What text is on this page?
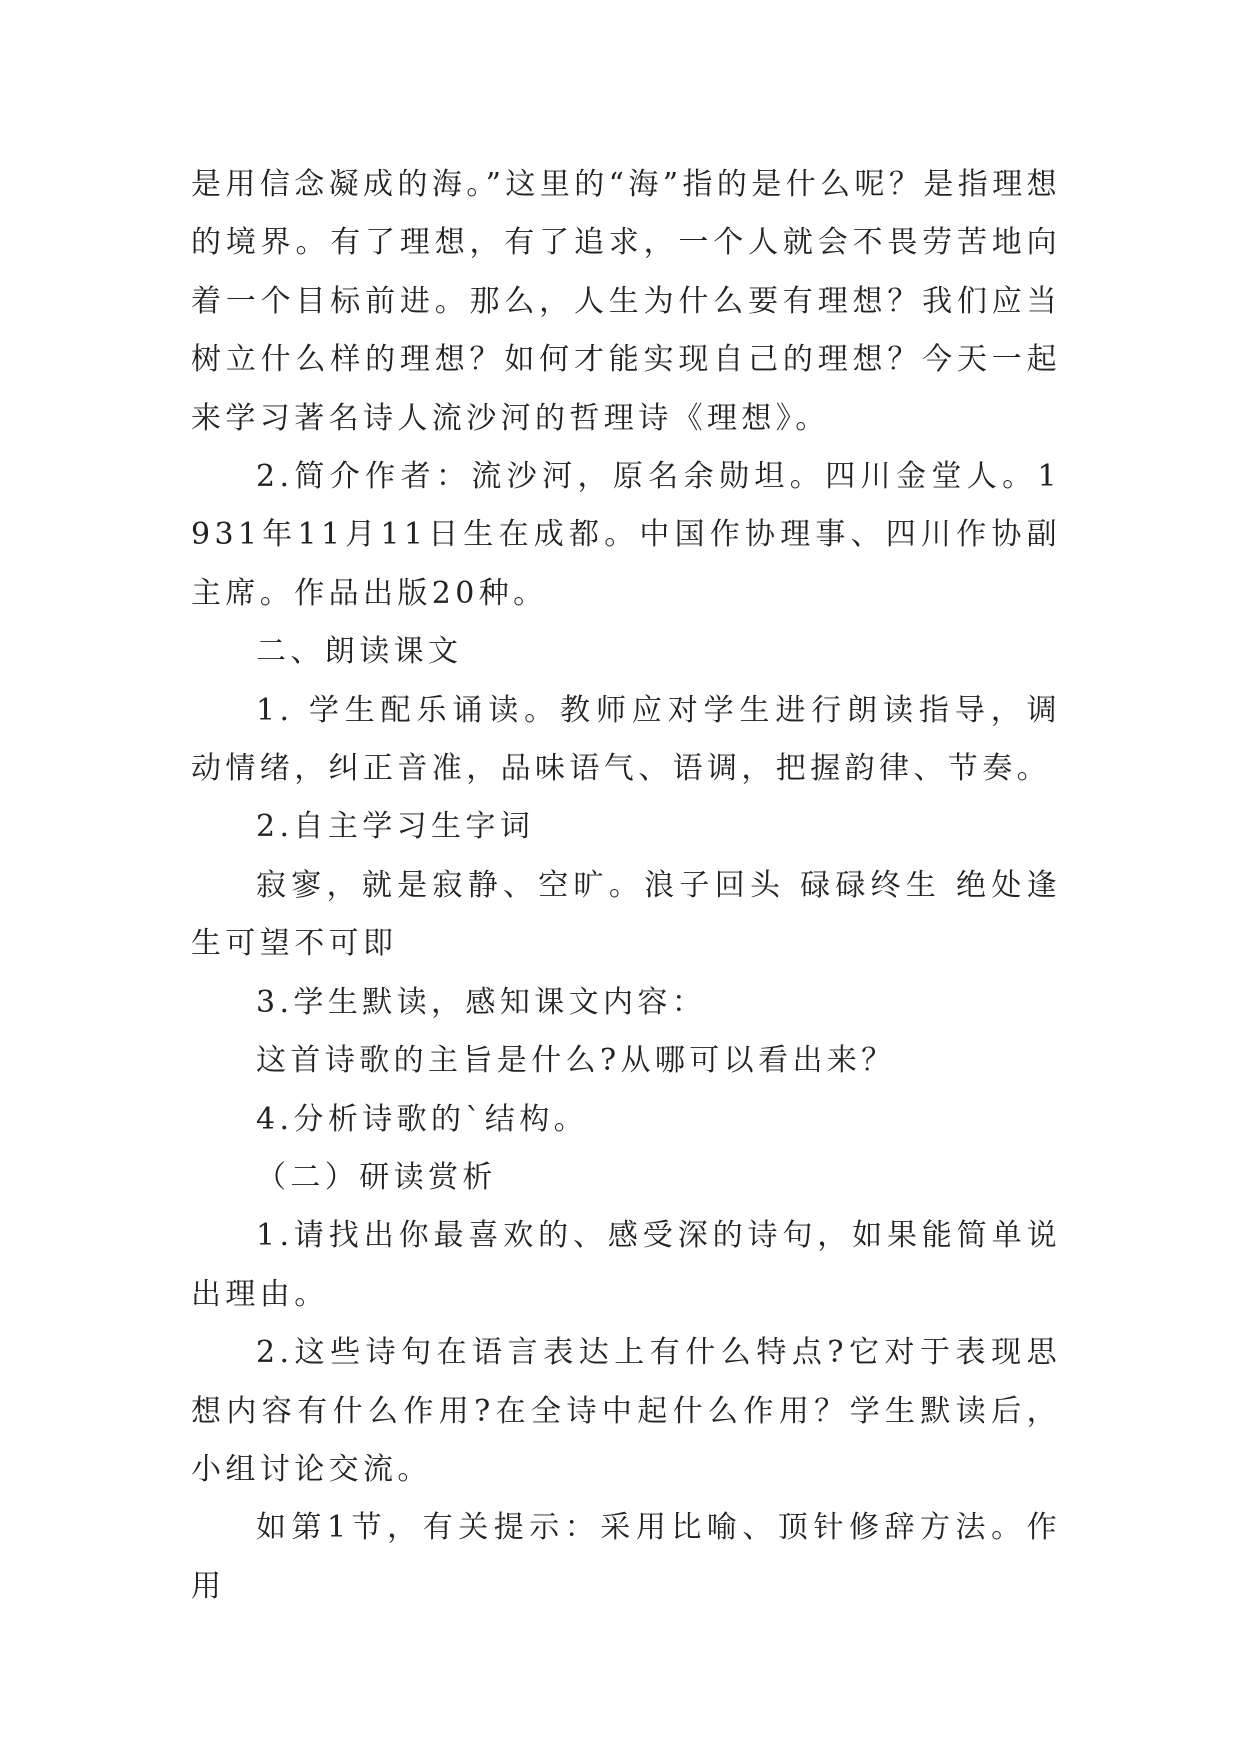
是用信念凝成的海。”这里的“海”指的是什么呢？是指理想的境界。有了理想，有了追求，一个人就会不畏劳苦地向着一个目标前进。那么，人生为什么要有理想？我们应当树立什么样的理想？如何才能实现自己的理想？今天一起来学习著名诗人流沙河的哲理诗《理想》。

2.简介作者：流沙河，原名余勋坦。四川金堂人。1931年11月11日生在成都。中国作协理事、四川作协副主席。作品出版20种。

二、朗读课文

1. 学生配乐诵读。教师应对学生进行朗读指导，调动情绪，纠正音准，品味语气、语调，把握韵律、节奏。

2.自主学习生字词

寂寥，就是寂静、空旷。浪子回头 碌碌终生 绝处逢生可望不可即

3.学生默读，感知课文内容：

这首诗歌的主旨是什么?从哪可以看出来？

4.分析诗歌的`结构。

（二）研读赏析

1.请找出你最喜欢的、感受深的诗句，如果能简单说出理由。

2.这些诗句在语言表达上有什么特点?它对于表现思想内容有什么作用?在全诗中起什么作用？学生默读后，小组讨论交流。

如第1节，有关提示：采用比喻、顶针修辞方法。作用
